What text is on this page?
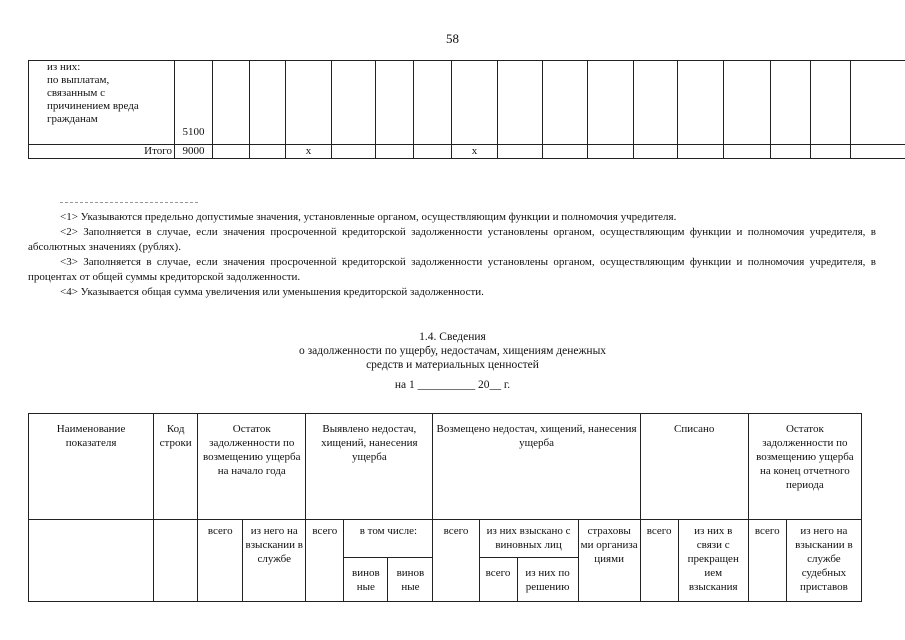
58
из них:
по выплатам,
связанным с
причинением вреда
гражданам	5100																
Итого	9000			x				x									
<1> Указываются предельно допустимые значения, установленные органом, осуществляющим функции и полномочия учредителя.
<2> Заполняется в случае, если значения просроченной кредиторской задолженности установлены органом, осуществляющим функции и полномочия учредителя, в абсолютных значениях (рублях).
<3> Заполняется в случае, если значения просроченной кредиторской задолженности установлены органом, осуществляющим функции и полномочия учредителя, в процентах от общей суммы кредиторской задолженности.
<4> Указывается общая сумма увеличения или уменьшения кредиторской задолженности.
1.4. Сведения
о задолженности по ущербу, недостачам, хищениям денежных
средств и материальных ценностей
на 1 __________ 20__ г.
Наименование показателя	Код строки	Остаток задолженности по возмещению ущерба на начало года		Выявлено недостач, хищений, нанесения ущерба			Возмещено недостач, хищений, нанесения ущерба				Списано		Остаток задолженности по возмещению ущерба на конец отчетного периода	
		всего	из него на взыскании в службе	всего	в том числе:		всего	из них взыскано с виновных лиц		страховы ми организа циями	всего	из них в связи с прекращен ием взыскания	всего	из него на взыскании в службе судебных приставов
					винов ные	винов ные		всего	из них по решению					
